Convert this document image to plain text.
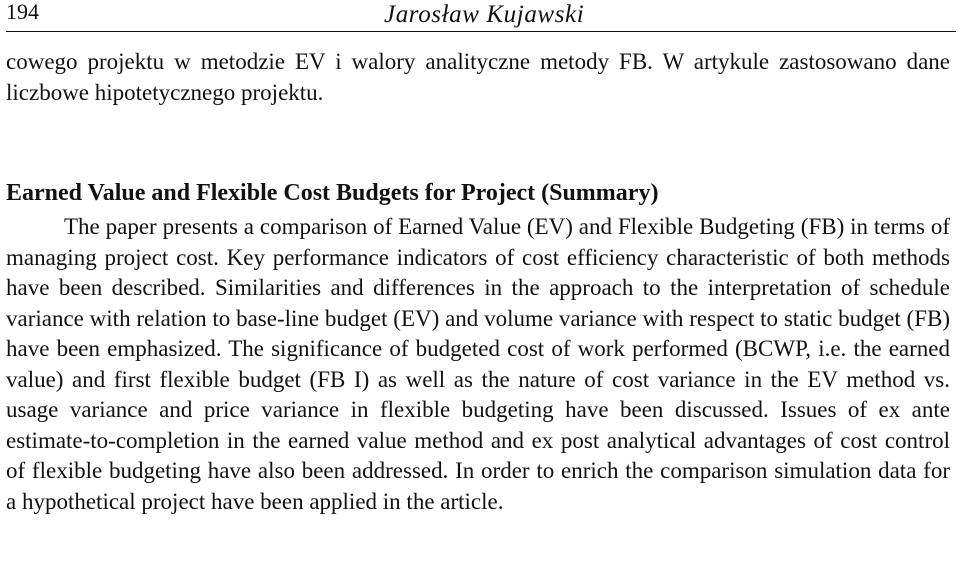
194	Jarosław Kujawski

cowego projektu w metodzie EV i walory analityczne metody FB. W artykule zastosowano dane liczbowe hipotetycznego projektu.

Earned Value and Flexible Cost Budgets for Project (Summary)

The paper presents a comparison of Earned Value (EV) and Flexible Budgeting (FB) in terms of managing project cost. Key performance indicators of cost efficiency characteristic of both methods have been described. Similarities and differences in the approach to the interpretation of schedule variance with relation to base-line budget (EV) and volume variance with respect to static budget (FB) have been emphasized. The significance of budgeted cost of work performed (BCWP, i.e. the earned value) and first flexible budget (FB I) as well as the nature of cost variance in the EV method vs. usage variance and price variance in flexible budgeting have been discussed. Issues of ex ante estimate-to-completion in the earned value method and ex post analytical advantages of cost control of flexible budgeting have also been addressed. In order to enrich the comparison simulation data for a hypothetical project have been applied in the article.
